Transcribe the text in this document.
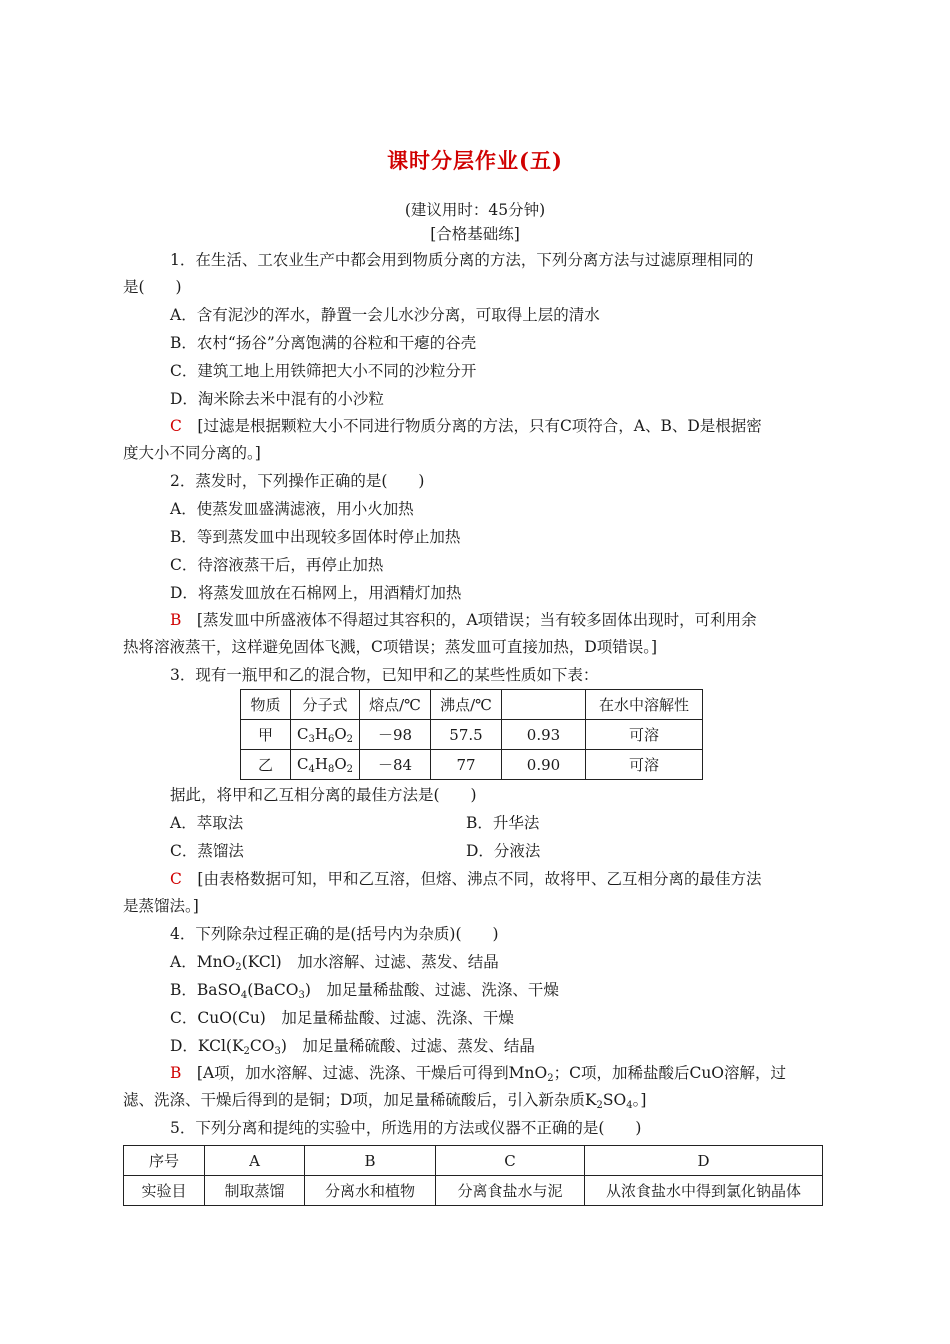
课时分层作业(五)
(建议用时：45分钟)
[合格基础练]
1．在生活、工农业生产中都会用到物质分离的方法，下列分离方法与过滤原理相同的
是(　　)
A．含有泥沙的浑水，静置一会儿水沙分离，可取得上层的清水
B．农村“扬谷”分离饱满的谷粒和干瘪的谷壳
C．建筑工地上用铁筛把大小不同的沙粒分开
D．淘米除去米中混有的小沙粒
C　 [过滤是根据颗粒大小不同进行物质分离的方法，只有C项符合，A、B、D是根据密
度大小不同分离的。]
2．蒸发时，下列操作正确的是(　　)
A．使蒸发皿盛满滤液，用小火加热
B．等到蒸发皿中出现较多固体时停止加热
C．待溶液蒸干后，再停止加热
D．将蒸发皿放在石棉网上，用酒精灯加热
B　 [蒸发皿中所盛液体不得超过其容积的，A项错误；当有较多固体出现时，可利用余
热将溶液蒸干，这样避免固体飞溅，C项错误；蒸发皿可直接加热，D项错误。]
3．现有一瓶甲和乙的混合物，已知甲和乙的某些性质如下表：
物质	分子式	熔点/℃	沸点/℃		在水中溶解性
甲	$C_3H_6O_2$	－98	57.5	0.93	可溶
乙	$C_4H_8O_2$	－84	77	0.90	可溶
据此，将甲和乙互相分离的最佳方法是(　　)
A．萃取法	B．升华法
C．蒸馏法	D．分液法
C　 [由表格数据可知，甲和乙互溶，但熔、沸点不同，故将甲、乙互相分离的最佳方法
是蒸馏法。]
4．下列除杂过程正确的是(括号内为杂质)(　　)
A．MnO$_2$(KCl)　加水溶解、过滤、蒸发、结晶
B．BaSO$_4$(BaCO$_3$)　加足量稀盐酸、过滤、洗涤、干燥
C．CuO(Cu)　加足量稀盐酸、过滤、洗涤、干燥
D．$KCl(K_2CO_3)$　加足量稀硫酸、过滤、蒸发、结晶
B　 [A项，加水溶解、过滤、洗涤、干燥后可得到MnO$_2$；C项，加稀盐酸后CuO溶解，过
滤、洗涤、干燥后得到的是铜；D项，加足量稀硫酸后，引入新杂质$K_2SO_4$。]
5．下列分离和提纯的实验中，所选用的方法或仪器不正确的是(　　)
序号	A	B	C	D
实验目	制取蒸馏	分离水和植物	分离食盐水与泥	从浓食盐水中得到氯化钠晶体
